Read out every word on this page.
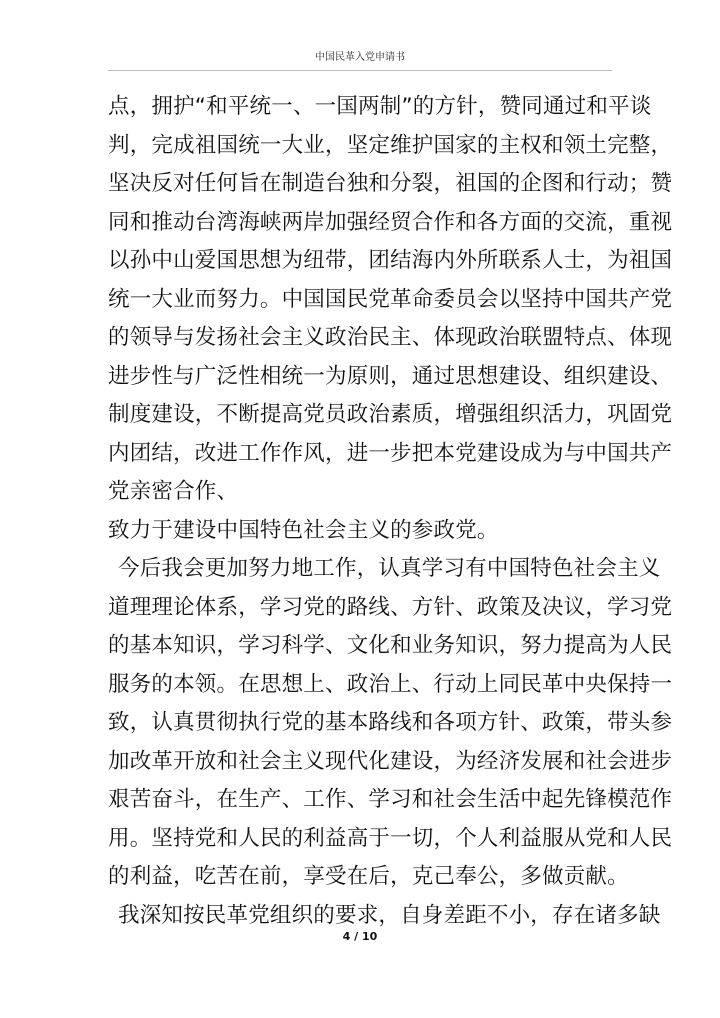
中国民革入党申请书
点，拥护“和平统一、一国两制”的方针，赞同通过和平谈
判，完成祖国统一大业，坚定维护国家的主权和领土完整，
坚决反对任何旨在制造台独和分裂，祖国的企图和行动；赞
同和推动台湾海峡两岸加强经贸合作和各方面的交流，重视
以孙中山爱国思想为纽带，团结海内外所联系人士，为祖国
统一大业而努力。中国国民党革命委员会以坚持中国共产党
的领导与发扬社会主义政治民主、体现政治联盟特点、体现
进步性与广泛性相统一为原则，通过思想建设、组织建设、
制度建设，不断提高党员政治素质，增强组织活力，巩固党
内团结，改进工作作风，进一步把本党建设成为与中国共产
党亲密合作、
致力于建设中国特色社会主义的参政党。
今后我会更加努力地工作，认真学习有中国特色社会主义
道理理论体系，学习党的路线、方针、政策及决议，学习党
的基本知识，学习科学、文化和业务知识，努力提高为人民
服务的本领。在思想上、政治上、行动上同民革中央保持一
致，认真贯彻执行党的基本路线和各项方针、政策，带头参
加改革开放和社会主义现代化建设，为经济发展和社会进步
艰苦奋斗，在生产、工作、学习和社会生活中起先锋模范作
用。坚持党和人民的利益高于一切，个人利益服从党和人民
的利益，吃苦在前，享受在后，克己奉公，多做贡献。
我深知按民革党组织的要求，自身差距不小，存在诸多缺
4 / 10
